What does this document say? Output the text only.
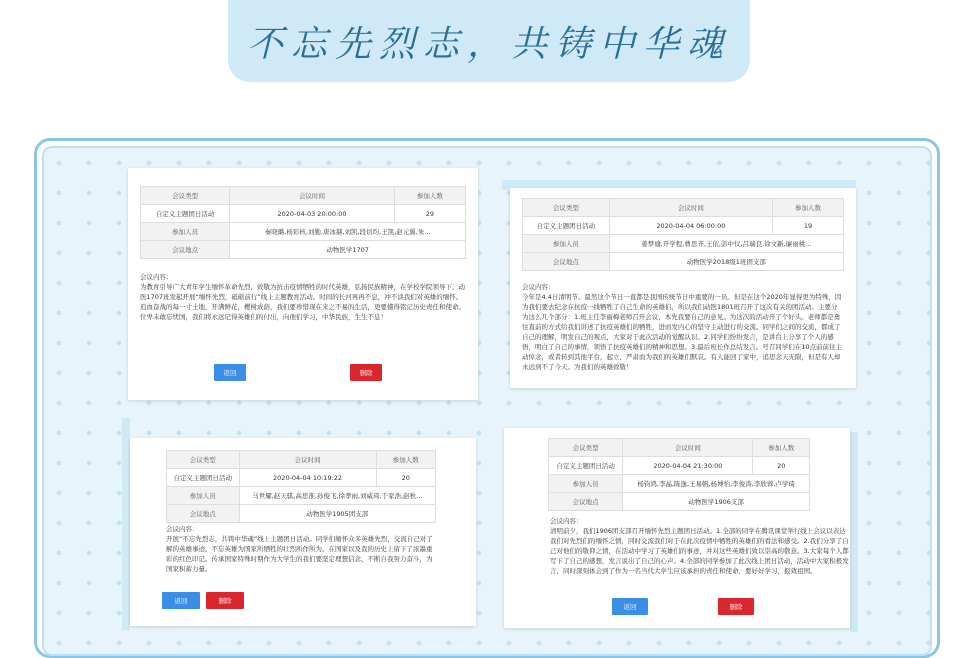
不忘先烈志，共铸中华魂
会议类型	会议时间	参加人数
自定义主题团日活动	2020-04-03 20:00:00	29
参加人员	秦晓璐,杨彩核,刘勤,唐冰赫,刘凯,段切均,王凯,赵元翼,朱...	
会议地点	动物医学1707	
会议内容：
为教育引导广大青年学生缅怀革命先烈，致敬为抗击疫情牺牲的时代英雄，弘扬民族精神，在学校学院领导下，动医1707班发起开展“缅怀先烈，砥砺前行”线上主题教育活动。时间的长河再再不息，冲不淡我们对英雄的缅怀。追血奋战的每一寸土地，开满鲜花，樱树成荫，我们要珍惜现在来之不易的生活，更要懂得铭记历史责任和使命。位卑未敢忘忧国，我们将永远记得英雄们的付出，向他们学习，中华民族，生生不息！
返回	删除
会议类型	会议时间	参加人数
自定义主题团日活动	2020-04-04 06:00:00	19
参加人员	姜梦瑜,开学程,曹思齐,王依,彭中仪,吕瑞良,徐文新,廉雨桃...	
会议地点	动物医学2018级1班团支部	
会议内容：
今年是4.4日清明节。最然这个节日一直都是我国传统节日中重要的一员。但是在这个2020年显得更为特殊，因为我们要去纪念在抗疫一线牺牲了自己生命的英雄们，所以我们动医1801班召开了这次有关的团活动。主要分为这么几个部分：1.班主任李丽梅老师召开会议，本先我要自己的意见。为这次的活动开了个好头。老师都是勇往直前的方式给我们讲述了抗疫英雄们的牺牲，进而发内心的坚守主动进行的交流。同学们之间的交流，都成了自己的理解，明发自己的观点，大家对于此次活动的觉醒认识。2.同学们纷纷发言，是讲台上分享了个人的感悟，明白了自己的事情，领悟了抗疫英雄们的精神和思想。3.最后班长作总结发言。号召同学们在10点前前往主动悼念，或者转到其他平台，起立，严肃而为我们的英雄们默哀。有人能回了家中，追思念天无限，但是有人却永远到不了今天。为我们的英雄致敬！
会议类型	会议时间	参加人数
自定义主题团日活动	2020-04-04 10:19:22	20
参加人员	马世耀,赵天骐,高思淮,孙俊飞,徐孝雨,刘威琦,于家浩,赵秋...	
会议地点	动物医学1905团支部	
会议内容：
开展“不忘先烈志，共铸中华魂”线上主题团日活动。同学们缅怀众多英雄先烈，交流自己对了解的英雄事迹。不忘英雄为国家所牺牲的壮烈所作所为。在国家以及我的历史上留下了浓墨重彩的红色印记。传承国家特殊时期作为大学生的我们要坚定理想信念、不断自我努力奋斗，为国家积蓄力量。
返回	删除
会议类型	会议时间	参加人数
自定义主题团日活动	2020-04-04 21:30:00	20
参加人员	杨钧鸿,李晶,陈逸,王易帆,杨博怡,李俊涛,李欣蓉,卢学琦	
会议地点	动物医学1906支部	
会议内容：
清明前夕，我们1906团支部召开缅怀先烈主题团日活动。1.全部的同学在腾讯课堂举行线上会议以表达我们对先烈们的缅怀之情，同时交流我们对于在此次疫情中牺牲的英雄们的看法和感受。2.我们分享了自己对他们的敬仰之情，在活动中学习了英雄们的事迹，并对这些英雄们致以崇高的敬意。3.大家每个人都写下了自己的感想，发言说出了自己的心声。4.全部的同学参加了此次线上团日活动，活动中大家积极发言，同时深刻体会到了作为一名当代大学生应该承担的责任和使命，要好好学习，报效祖国。
返回	删除
